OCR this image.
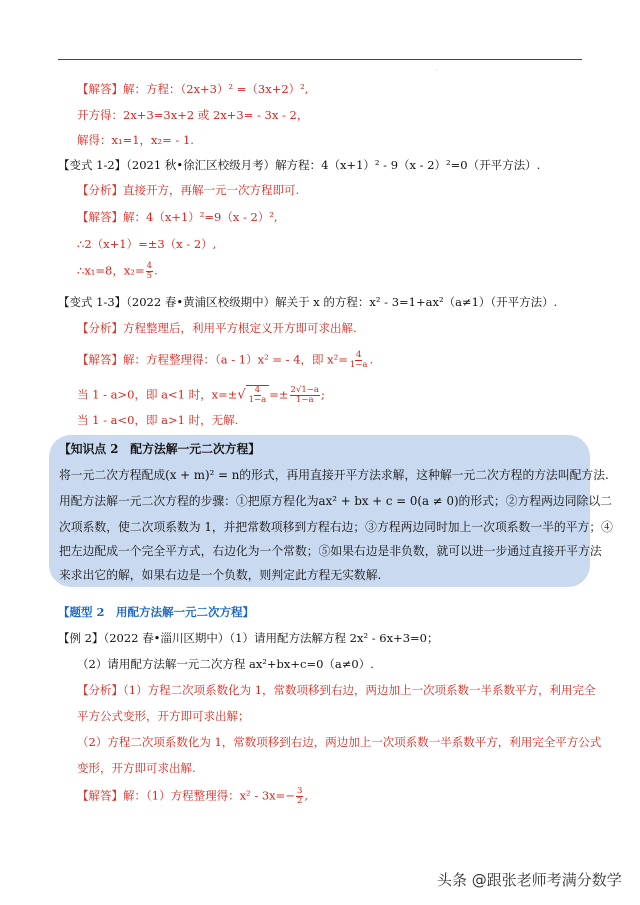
.
【解答】解：方程：（2x+3）² =（3x+2）²,
开方得：2x+3=3x+2 或 2x+3= - 3x - 2，
解得：x₁=1，x₂= - 1.
【变式 1-2】（2021 秋•徐汇区校级月考）解方程：4（x+1）² - 9（x - 2）²=0（开平方法）.
【分析】直接开方，再解一元一次方程即可.
【解答】解：4（x+1）²=9（x - 2）²,
∴2（x+1）=±3（x - 2）,
∴x₁=8，$x_2= \frac{4}{5}$ .
【变式 1-3】（2022 春•黄浦区校级期中）解关于 x 的方程：x² - 3=1+ax²（a≠1）（开平方法）.
【分析】方程整理后，利用平方根定义开方即可求出解.
【解答】解：方程整理得：（a - 1）x² = - 4，即 $x^2= \frac{4}{1-a}$ .
当 1 - a>0，即 a<1 时，$x=\pm√ \frac{4}{1-a} =\pm \frac{2√1-a}{1-a}$ ;
当 1 - a<0，即 a>1 时，无解.
【知识点 2　配方法解一元二次方程】
将一元二次方程配成(x + m)² = n的形式，再用直接开平方法求解，这种解一元二次方程的方法叫配方法.
用配方法解一元二次方程的步骤：①把原方程化为ax² + bx + c = 0(a ≠ 0)的形式；②方程两边同除以二
次项系数，使二次项系数为 1，并把常数项移到方程右边；③方程两边同时加上一次项系数一半的平方；④
把左边配成一个完全平方式，右边化为一个常数；⑤如果右边是非负数，就可以进一步通过直接开平方法
来求出它的解，如果右边是一个负数，则判定此方程无实数解.
【题型 2　用配方法解一元二次方程】
【例 2】（2022 春•淄川区期中）（1）请用配方法解方程 2x² - 6x+3=0；
（2）请用配方法解一元二次方程 ax²+bx+c=0（a≠0）.
【分析】（1）方程二次项系数化为 1，常数项移到右边，两边加上一次项系数一半系数平方，利用完全
平方公式变形，开方即可求出解；
（2）方程二次项系数化为 1，常数项移到右边，两边加上一次项系数一半系数平方，利用完全平方公式
变形，开方即可求出解.
【解答】解：（1）方程整理得：$x^2 - 3x=- \frac{3}{2}$ ,
头条 @跟张老师考满分数学
